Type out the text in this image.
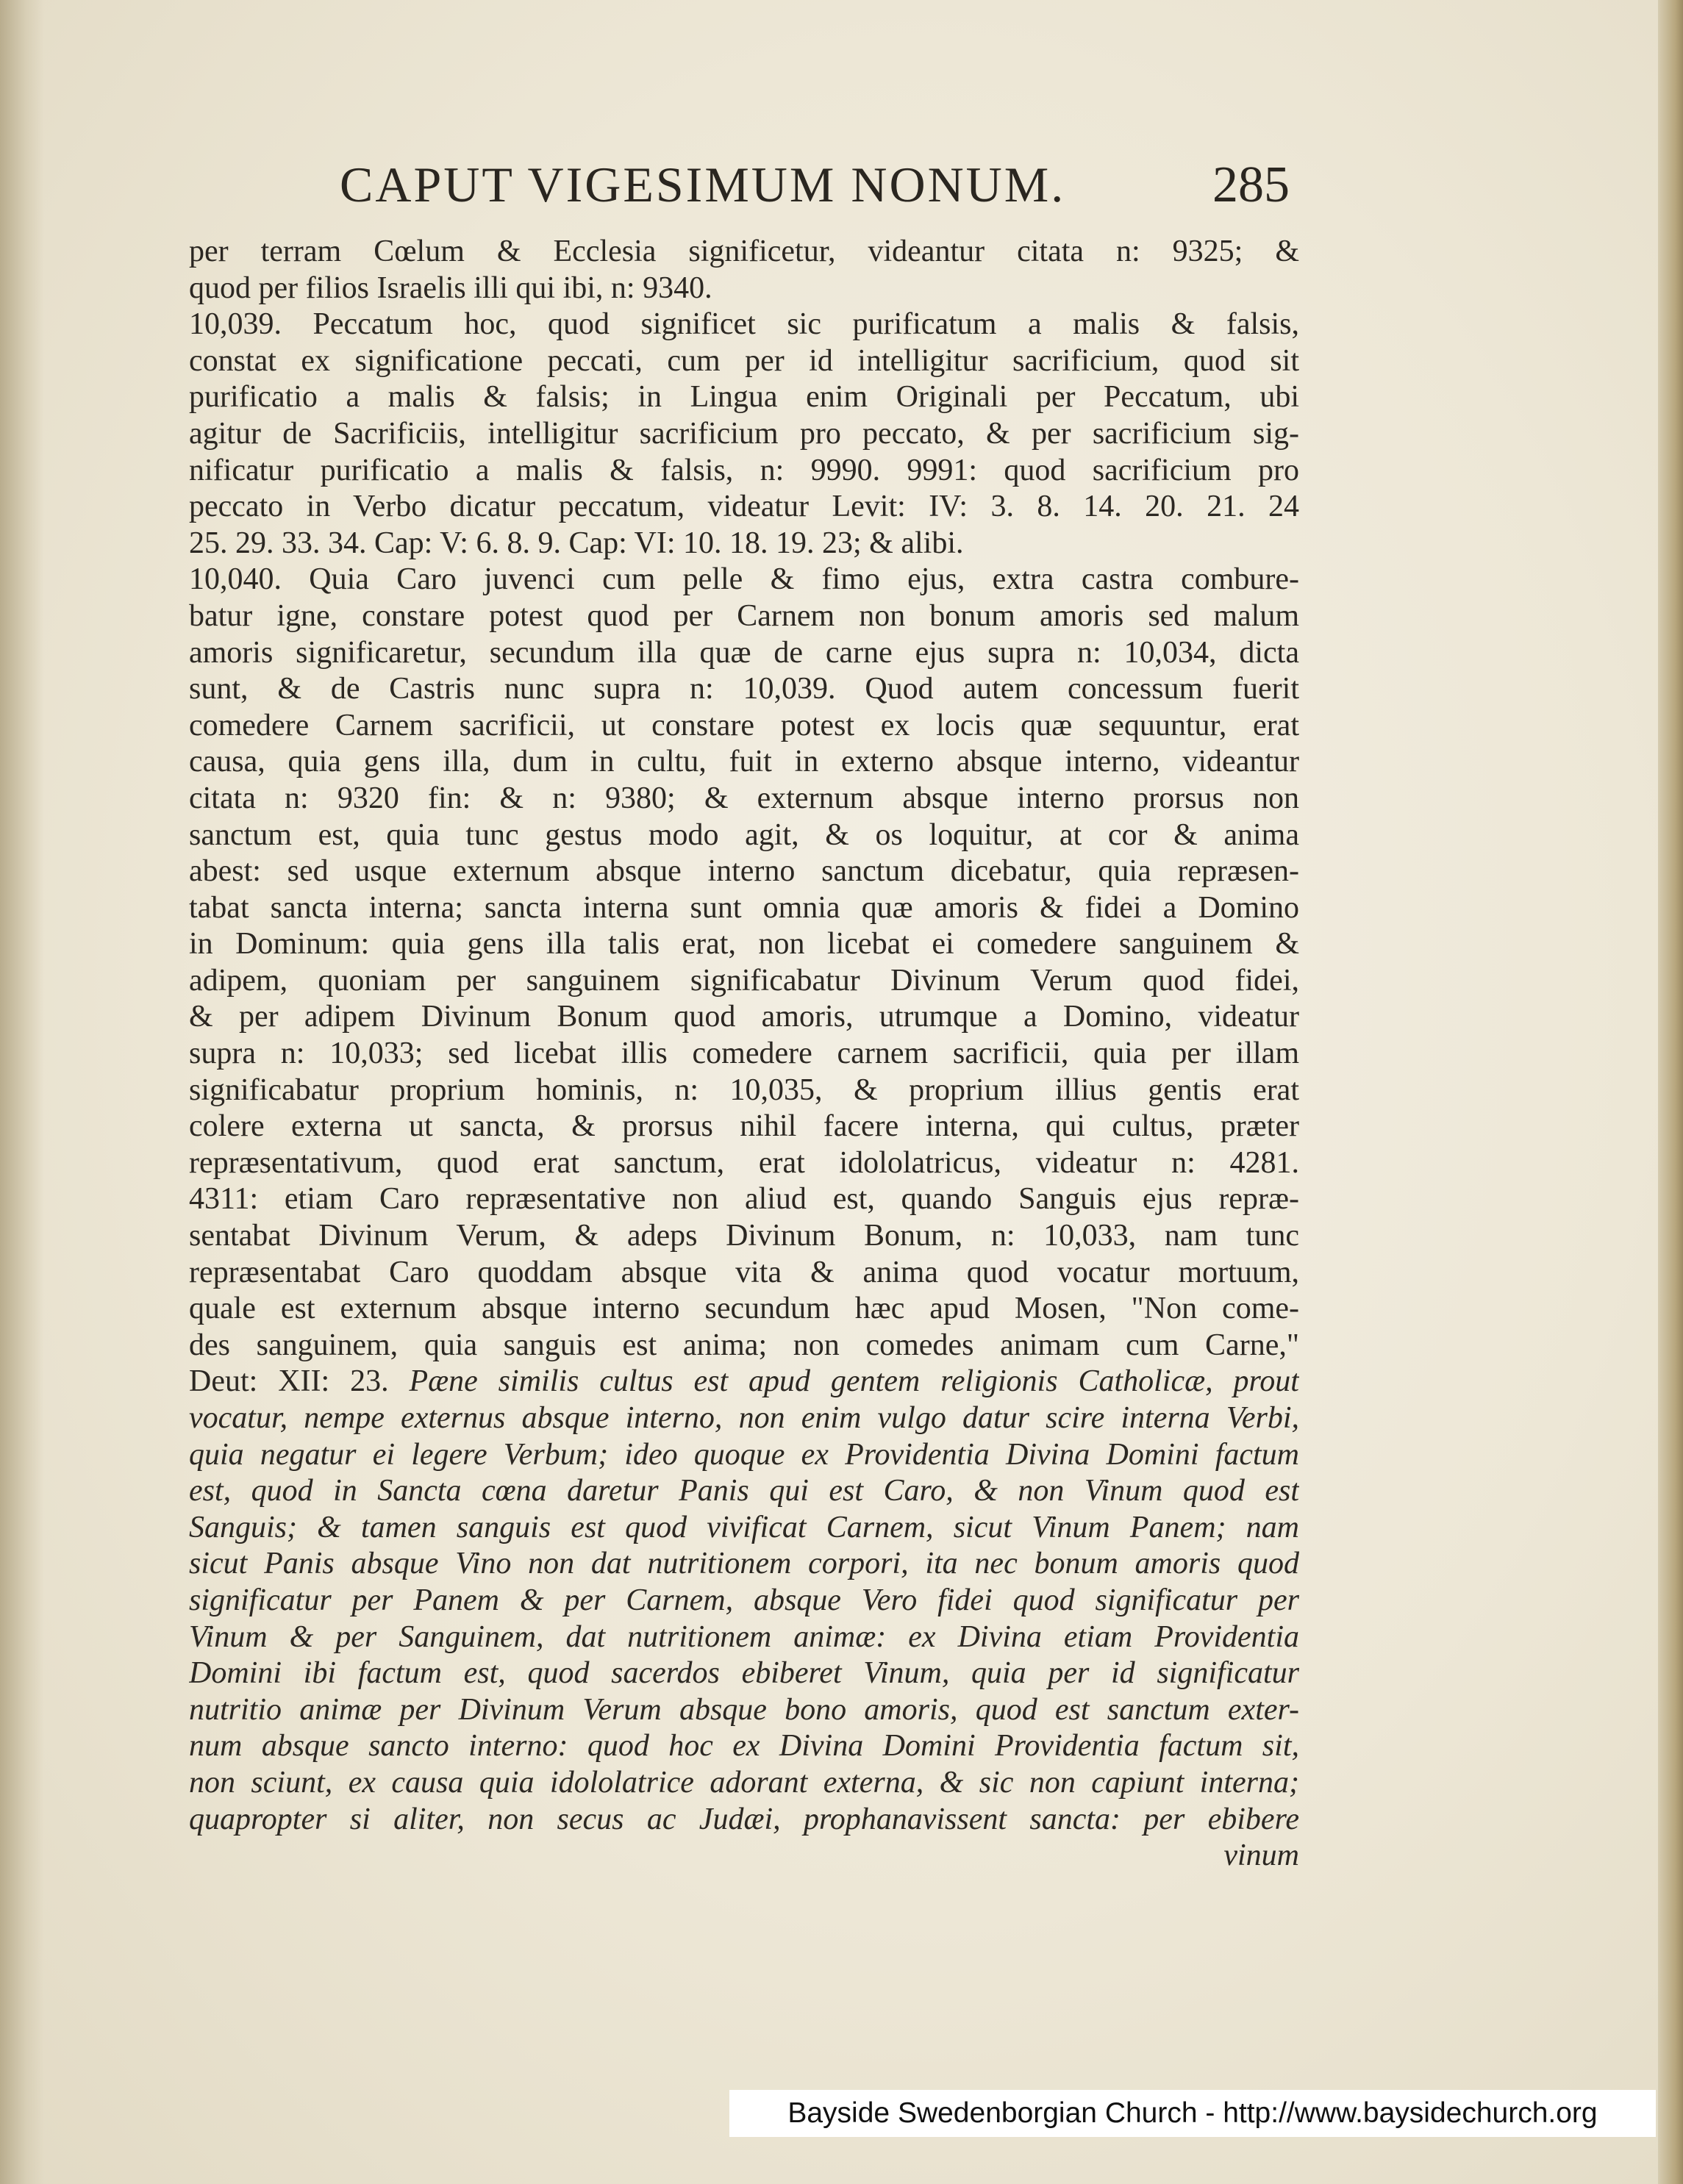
CAPUT VIGESIMUM NONUM.	285
per terram Cœlum & Ecclesia significetur, videantur citata n: 9325; &
quod per filios Israelis illi qui ibi, n: 9340.
10,039. Peccatum hoc, quod significet sic purificatum a malis & falsis,
constat ex significatione peccati, cum per id intelligitur sacrificium, quod sit
purificatio a malis & falsis; in Lingua enim Originali per Peccatum, ubi
agitur de Sacrificiis, intelligitur sacrificium pro peccato, & per sacrificium sig-
nificatur purificatio a malis & falsis, n: 9990. 9991: quod sacrificium pro
peccato in Verbo dicatur peccatum, videatur Levit: IV: 3. 8. 14. 20. 21. 24
25. 29. 33. 34. Cap: V: 6. 8. 9. Cap: VI: 10. 18. 19. 23; & alibi.
10,040. Quia Caro juvenci cum pelle & fimo ejus, extra castra combure-
batur igne, constare potest quod per Carnem non bonum amoris sed malum
amoris significaretur, secundum illa quæ de carne ejus supra n: 10,034, dicta
sunt, & de Castris nunc supra n: 10,039. Quod autem concessum fuerit
comedere Carnem sacrificii, ut constare potest ex locis quæ sequuntur, erat
causa, quia gens illa, dum in cultu, fuit in externo absque interno, videantur
citata n: 9320 fin: & n: 9380; & externum absque interno prorsus non
sanctum est, quia tunc gestus modo agit, & os loquitur, at cor & anima
abest: sed usque externum absque interno sanctum dicebatur, quia repræsen-
tabat sancta interna; sancta interna sunt omnia quæ amoris & fidei a Domino
in Dominum: quia gens illa talis erat, non licebat ei comedere sanguinem &
adipem, quoniam per sanguinem significabatur Divinum Verum quod fidei,
& per adipem Divinum Bonum quod amoris, utrumque a Domino, videatur
supra n: 10,033; sed licebat illis comedere carnem sacrificii, quia per illam
significabatur proprium hominis, n: 10,035, & proprium illius gentis erat
colere externa ut sancta, & prorsus nihil facere interna, qui cultus, præter
repræsentativum, quod erat sanctum, erat idololatricus, videatur n: 4281.
4311: etiam Caro repræsentative non aliud est, quando Sanguis ejus repræ-
sentabat Divinum Verum, & adeps Divinum Bonum, n: 10,033, nam tunc
repræsentabat Caro quoddam absque vita & anima quod vocatur mortuum,
quale est externum absque interno secundum hæc apud Mosen, "Non come-
des sanguinem, quia sanguis est anima; non comedes animam cum Carne,"
Deut: XII: 23. Pæne similis cultus est apud gentem religionis Catholicæ, prout
vocatur, nempe externus absque interno, non enim vulgo datur scire interna Verbi,
quia negatur ei legere Verbum; ideo quoque ex Providentia Divina Domini factum
est, quod in Sancta cœna daretur Panis qui est Caro, & non Vinum quod est
Sanguis; & tamen sanguis est quod vivificat Carnem, sicut Vinum Panem; nam
sicut Panis absque Vino non dat nutritionem corpori, ita nec bonum amoris quod
significatur per Panem & per Carnem, absque Vero fidei quod significatur per
Vinum & per Sanguinem, dat nutritionem animæ: ex Divina etiam Providentia
Domini ibi factum est, quod sacerdos ebiberet Vinum, quia per id significatur
nutritio animæ per Divinum Verum absque bono amoris, quod est sanctum exter-
num absque sancto interno: quod hoc ex Divina Domini Providentia factum sit,
non sciunt, ex causa quia idololatrice adorant externa, & sic non capiunt interna;
quapropter si aliter, non secus ac Judæi, prophanavissent sancta: per ebibere
vinum
Bayside Swedenborgian Church - http://www.baysidechurch.org
